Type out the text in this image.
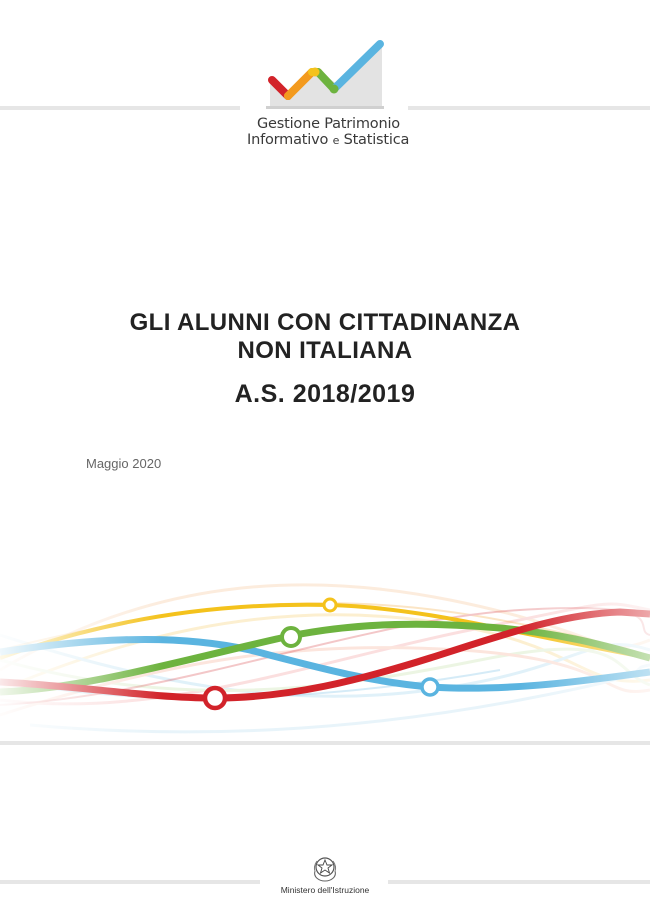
Gestione Patrimonio
Informativo e Statistica
GLI ALUNNI CON CITTADINANZA
NON ITALIANA
A.S. 2018/2019
Maggio 2020
Ministero dell'Istruzione
